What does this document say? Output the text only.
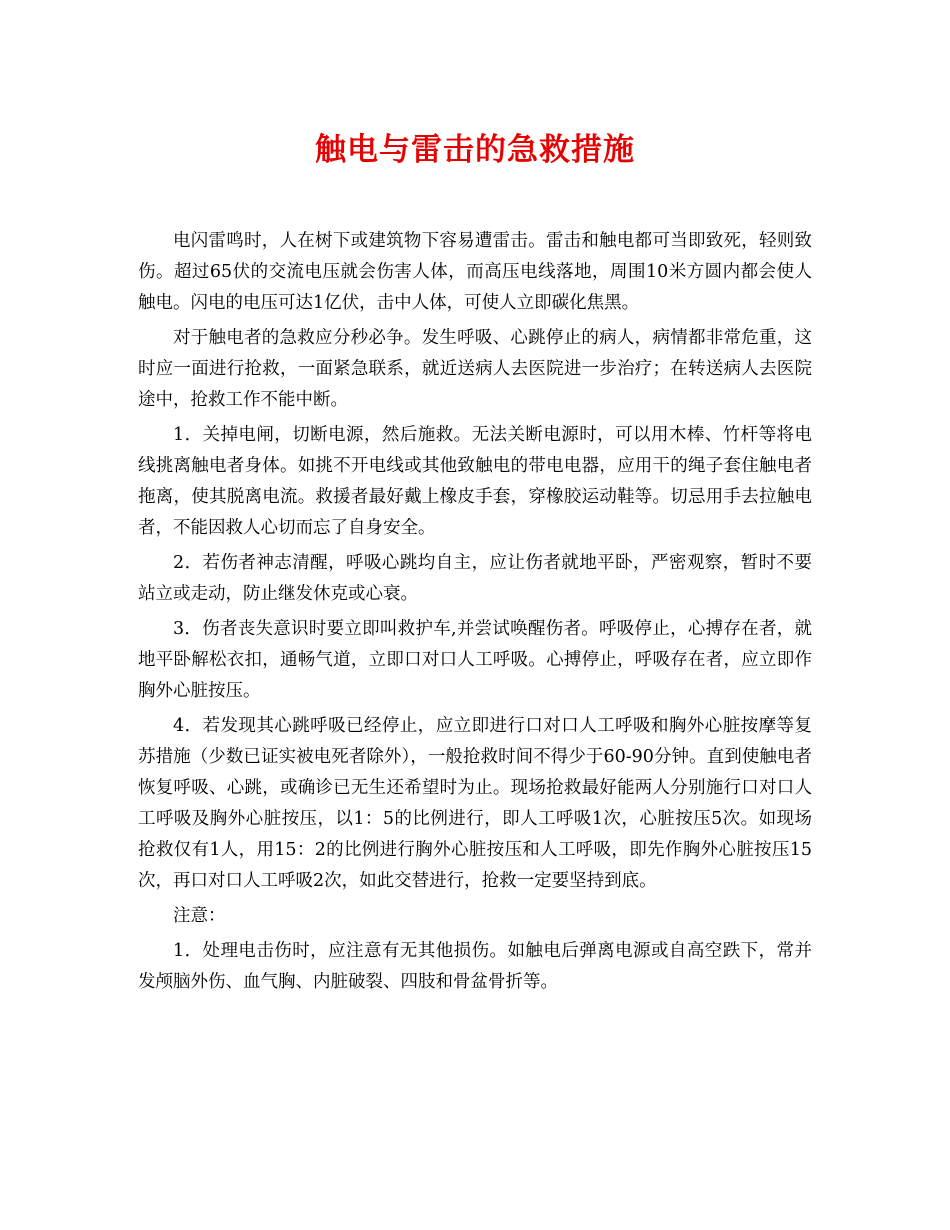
触电与雷击的急救措施

电闪雷鸣时，人在树下或建筑物下容易遭雷击。雷击和触电都可当即致死，轻则致伤。超过65伏的交流电压就会伤害人体，而高压电线落地，周围10米方圆内都会使人触电。闪电的电压可达1亿伏，击中人体，可使人立即碳化焦黑。

对于触电者的急救应分秒必争。发生呼吸、心跳停止的病人，病情都非常危重，这时应一面进行抢救，一面紧急联系，就近送病人去医院进一步治疗；在转送病人去医院途中，抢救工作不能中断。

1．关掉电闸，切断电源，然后施救。无法关断电源时，可以用木棒、竹杆等将电线挑离触电者身体。如挑不开电线或其他致触电的带电电器，应用干的绳子套住触电者拖离，使其脱离电流。救援者最好戴上橡皮手套，穿橡胶运动鞋等。切忌用手去拉触电者，不能因救人心切而忘了自身安全。

2．若伤者神志清醒，呼吸心跳均自主，应让伤者就地平卧，严密观察，暂时不要站立或走动，防止继发休克或心衰。

3．伤者丧失意识时要立即叫救护车,并尝试唤醒伤者。呼吸停止，心搏存在者，就地平卧解松衣扣，通畅气道，立即口对口人工呼吸。心搏停止，呼吸存在者，应立即作胸外心脏按压。

4．若发现其心跳呼吸已经停止，应立即进行口对口人工呼吸和胸外心脏按摩等复苏措施（少数已证实被电死者除外），一般抢救时间不得少于60-90分钟。直到使触电者恢复呼吸、心跳，或确诊已无生还希望时为止。现场抢救最好能两人分别施行口对口人工呼吸及胸外心脏按压，以1：5的比例进行，即人工呼吸1次，心脏按压5次。如现场抢救仅有1人，用15：2的比例进行胸外心脏按压和人工呼吸，即先作胸外心脏按压15次，再口对口人工呼吸2次，如此交替进行，抢救一定要坚持到底。

注意：

1．处理电击伤时，应注意有无其他损伤。如触电后弹离电源或自高空跌下，常并发颅脑外伤、血气胸、内脏破裂、四肢和骨盆骨折等。
